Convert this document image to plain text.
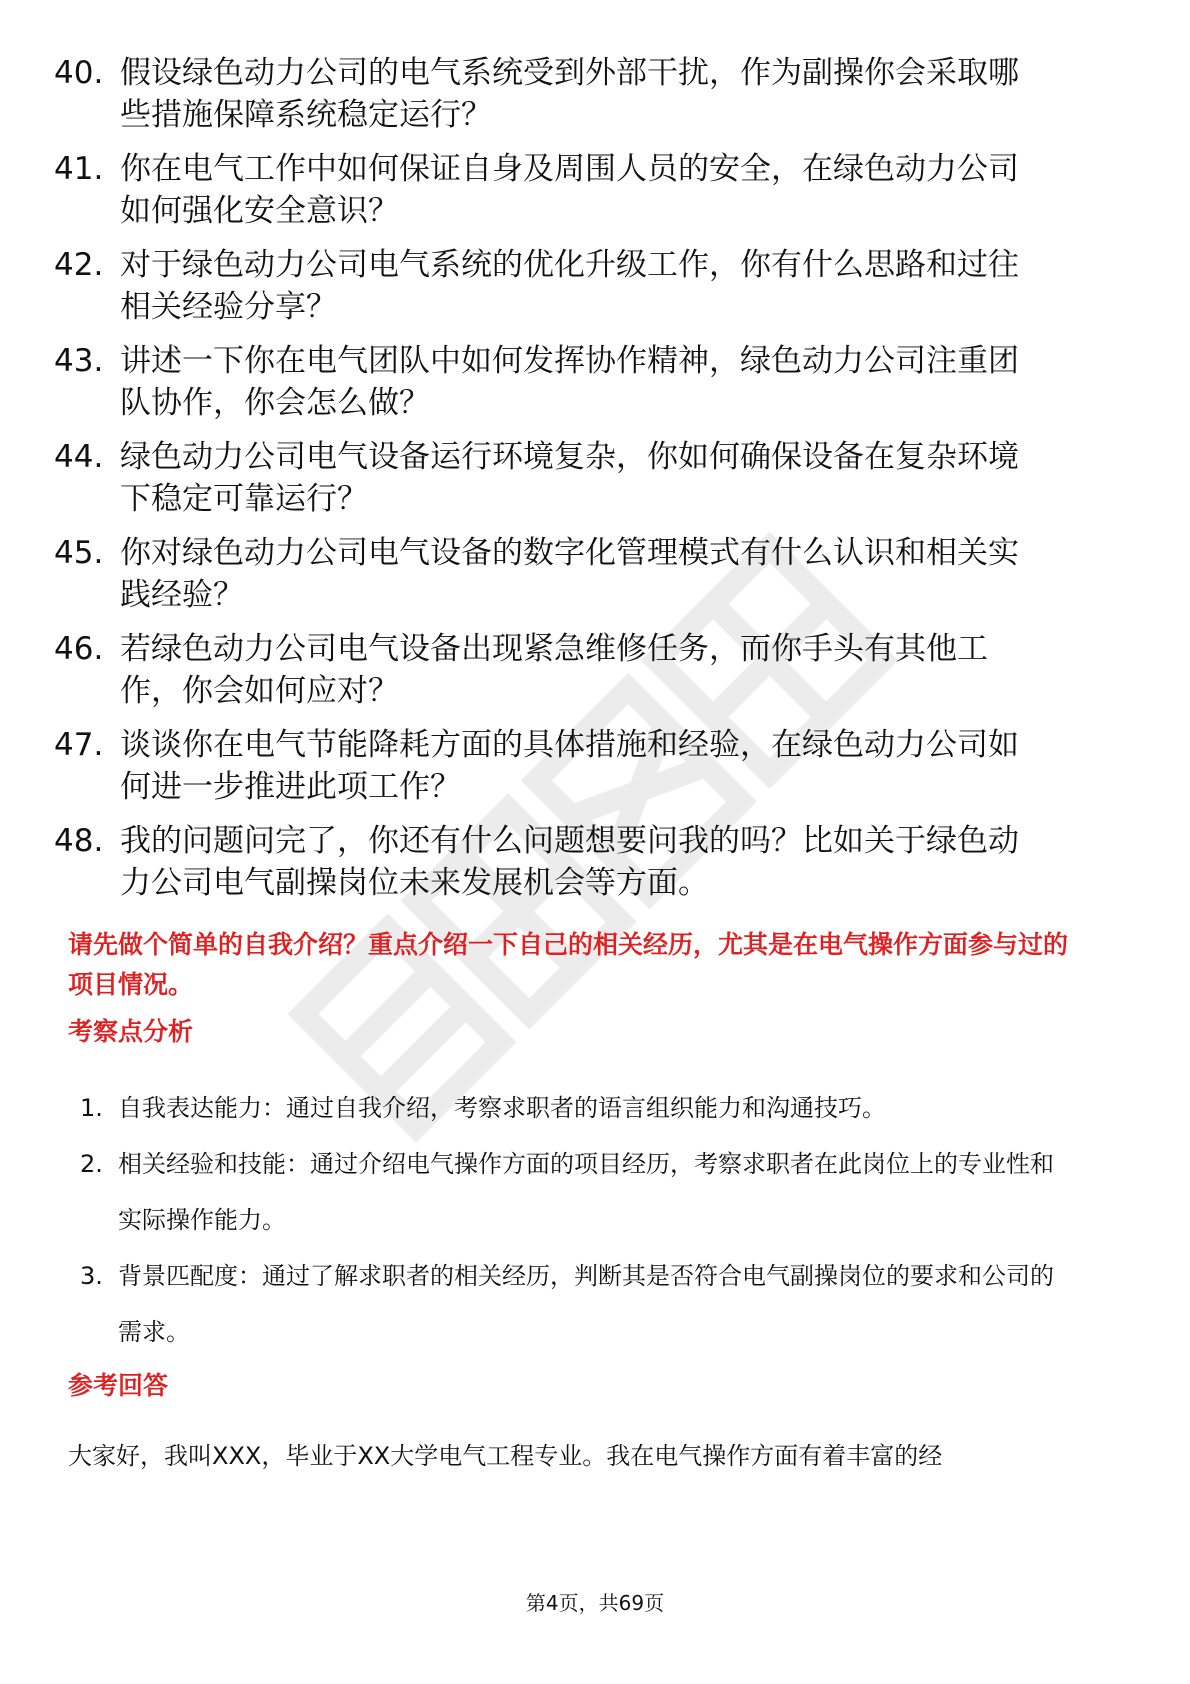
40. 假设绿色动力公司的电气系统受到外部干扰，作为副操你会采取哪些措施保障系统稳定运行？
41. 你在电气工作中如何保证自身及周围人员的安全，在绿色动力公司如何强化安全意识？
42. 对于绿色动力公司电气系统的优化升级工作，你有什么思路和过往相关经验分享？
43. 讲述一下你在电气团队中如何发挥协作精神，绿色动力公司注重团队协作，你会怎么做？
44. 绿色动力公司电气设备运行环境复杂，你如何确保设备在复杂环境下稳定可靠运行？
45. 你对绿色动力公司电气设备的数字化管理模式有什么认识和相关实践经验？
46. 若绿色动力公司电气设备出现紧急维修任务，而你手头有其他工作，你会如何应对？
47. 谈谈你在电气节能降耗方面的具体措施和经验，在绿色动力公司如何进一步推进此项工作？
48. 我的问题问完了，你还有什么问题想要问我的吗？比如关于绿色动力公司电气副操岗位未来发展机会等方面。
请先做个简单的自我介绍？重点介绍一下自己的相关经历，尤其是在电气操作方面参与过的项目情况。
考察点分析
1. 自我表达能力：通过自我介绍，考察求职者的语言组织能力和沟通技巧。
2. 相关经验和技能：通过介绍电气操作方面的项目经历，考察求职者在此岗位上的专业性和实际操作能力。
3. 背景匹配度：通过了解求职者的相关经历，判断其是否符合电气副操岗位的要求和公司的需求。
参考回答
大家好，我叫XXX，毕业于XX大学电气工程专业。我在电气操作方面有着丰富的经
第4页，共69页
